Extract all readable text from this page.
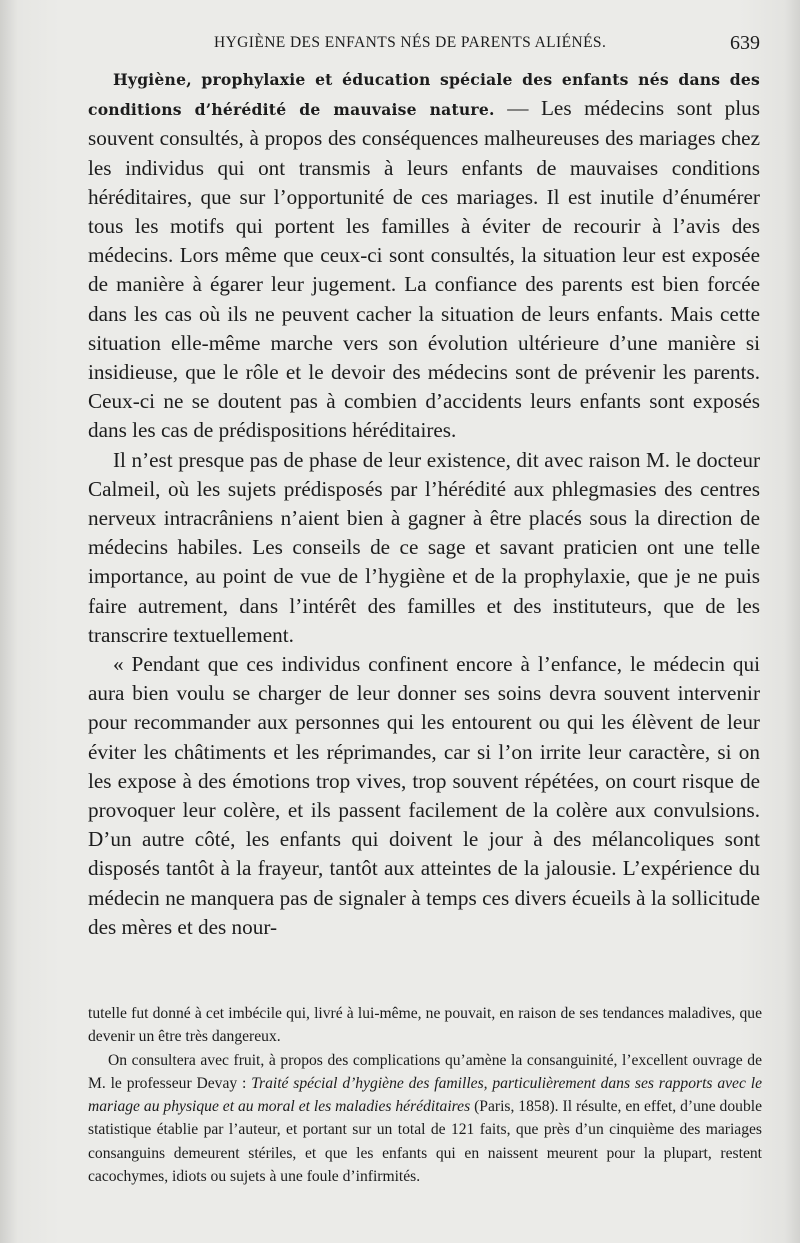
HYGIÈNE DES ENFANTS NÉS DE PARENTS ALIÉNÉS.	639

Hygiène, prophylaxie et éducation spéciale des enfants nés dans des conditions d’hérédité de mauvaise nature. — Les médecins sont plus souvent consultés, à propos des conséquences malheureuses des mariages chez les individus qui ont transmis à leurs enfants de mauvaises conditions héréditaires, que sur l’opportunité de ces mariages. Il est inutile d’énumérer tous les motifs qui portent les familles à éviter de recourir à l’avis des médecins. Lors même que ceux-ci sont consultés, la situation leur est exposée de manière à égarer leur jugement. La confiance des parents est bien forcée dans les cas où ils ne peuvent cacher la situation de leurs enfants. Mais cette situation elle-même marche vers son évolution ultérieure d’une manière si insidieuse, que le rôle et le devoir des médecins sont de prévenir les parents. Ceux-ci ne se doutent pas à combien d’accidents leurs enfants sont exposés dans les cas de prédispositions héréditaires.

Il n’est presque pas de phase de leur existence, dit avec raison M. le docteur Calmeil, où les sujets prédisposés par l’hérédité aux phlegmasies des centres nerveux intracrâniens n’aient bien à gagner à être placés sous la direction de médecins habiles. Les conseils de ce sage et savant praticien ont une telle importance, au point de vue de l’hygiène et de la prophylaxie, que je ne puis faire autrement, dans l’intérêt des familles et des instituteurs, que de les transcrire textuellement.

« Pendant que ces individus confinent encore à l’enfance, le médecin qui aura bien voulu se charger de leur donner ses soins devra souvent intervenir pour recommander aux personnes qui les entourent ou qui les élèvent de leur éviter les châtiments et les réprimandes, car si l’on irrite leur caractère, si on les expose à des émotions trop vives, trop souvent répétées, on court risque de provoquer leur colère, et ils passent facilement de la colère aux convulsions. D’un autre côté, les enfants qui doivent le jour à des mélancoliques sont disposés tantôt à la frayeur, tantôt aux atteintes de la jalousie. L’expérience du médecin ne manquera pas de signaler à temps ces divers écueils à la sollicitude des mères et des nour-

tutelle fut donné à cet imbécile qui, livré à lui-même, ne pouvait, en raison de ses tendances maladives, que devenir un être très dangereux.

On consultera avec fruit, à propos des complications qu’amène la consanguinité, l’excellent ouvrage de M. le professeur Devay : Traité spécial d’hygiène des familles, particulièrement dans ses rapports avec le mariage au physique et au moral et les maladies héréditaires (Paris, 1858). Il résulte, en effet, d’une double statistique établie par l’auteur, et portant sur un total de 121 faits, que près d’un cinquième des mariages consanguins demeurent stériles, et que les enfants qui en naissent meurent pour la plupart, restent cacochymes, idiots ou sujets à une foule d’infirmités.
